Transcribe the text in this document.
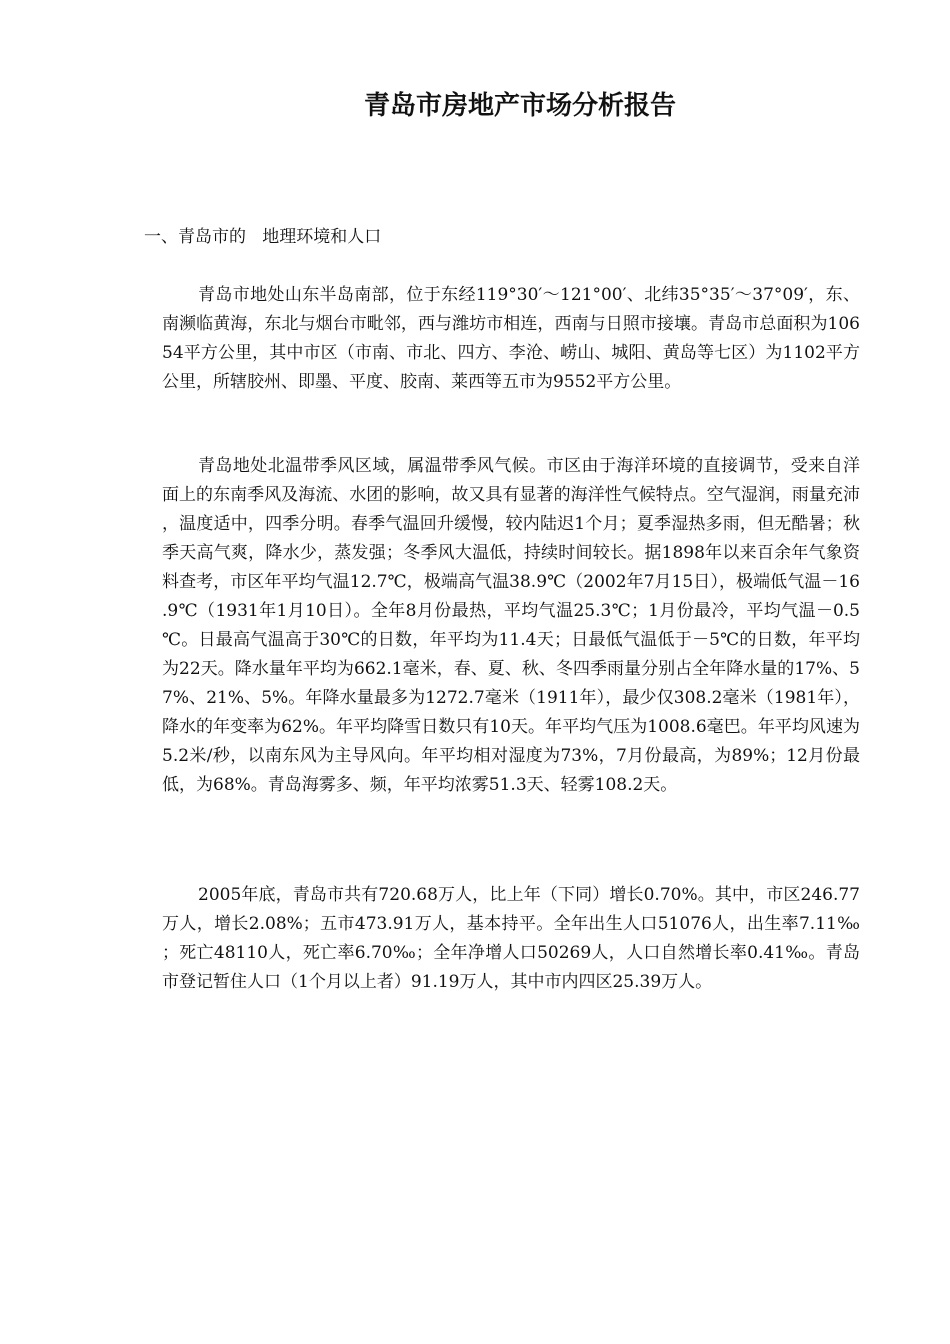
青岛市房地产市场分析报告
一、青岛市的   地理环境和人口

青岛市地处山东半岛南部，位于东经119°30′～121°00′、北纬35°35′～37°09′，东、南濒临黄海，东北与烟台市毗邻，西与潍坊市相连，西南与日照市接壤。青岛市总面积为10654平方公里，其中市区（市南、市北、四方、李沧、崂山、城阳、黄岛等七区）为1102平方公里，所辖胶州、即墨、平度、胶南、莱西等五市为9552平方公里。

青岛地处北温带季风区域，属温带季风气候。市区由于海洋环境的直接调节，受来自洋面上的东南季风及海流、水团的影响，故又具有显著的海洋性气候特点。空气湿润，雨量充沛，温度适中，四季分明。春季气温回升缓慢，较内陆迟1个月；夏季湿热多雨，但无酷暑；秋季天高气爽，降水少，蒸发强；冬季风大温低，持续时间较长。据1898年以来百余年气象资料查考，市区年平均气温12.7℃，极端高气温38.9℃（2002年7月15日），极端低气温－16.9℃（1931年1月10日）。全年8月份最热，平均气温25.3℃；1月份最冷，平均气温－0.5℃。日最高气温高于30℃的日数，年平均为11.4天；日最低气温低于－5℃的日数，年平均为22天。降水量年平均为662.1毫米，春、夏、秋、冬四季雨量分别占全年降水量的17%、57%、21%、5%。年降水量最多为1272.7毫米（1911年），最少仅308.2毫米（1981年），降水的年变率为62%。年平均降雪日数只有10天。年平均气压为1008.6毫巴。年平均风速为5.2米/秒，以南东风为主导风向。年平均相对湿度为73%，7月份最高，为89%；12月份最低，为68%。青岛海雾多、频，年平均浓雾51.3天、轻雾108.2天。

2005年底，青岛市共有720.68万人，比上年（下同）增长0.70%。其中，市区246.77万人，增长2.08%；五市473.91万人，基本持平。全年出生人口51076人，出生率7.11‰；死亡48110人，死亡率6.70‰；全年净增人口50269人，人口自然增长率0.41‰。青岛市登记暂住人口（1个月以上者）91.19万人，其中市内四区25.39万人。
